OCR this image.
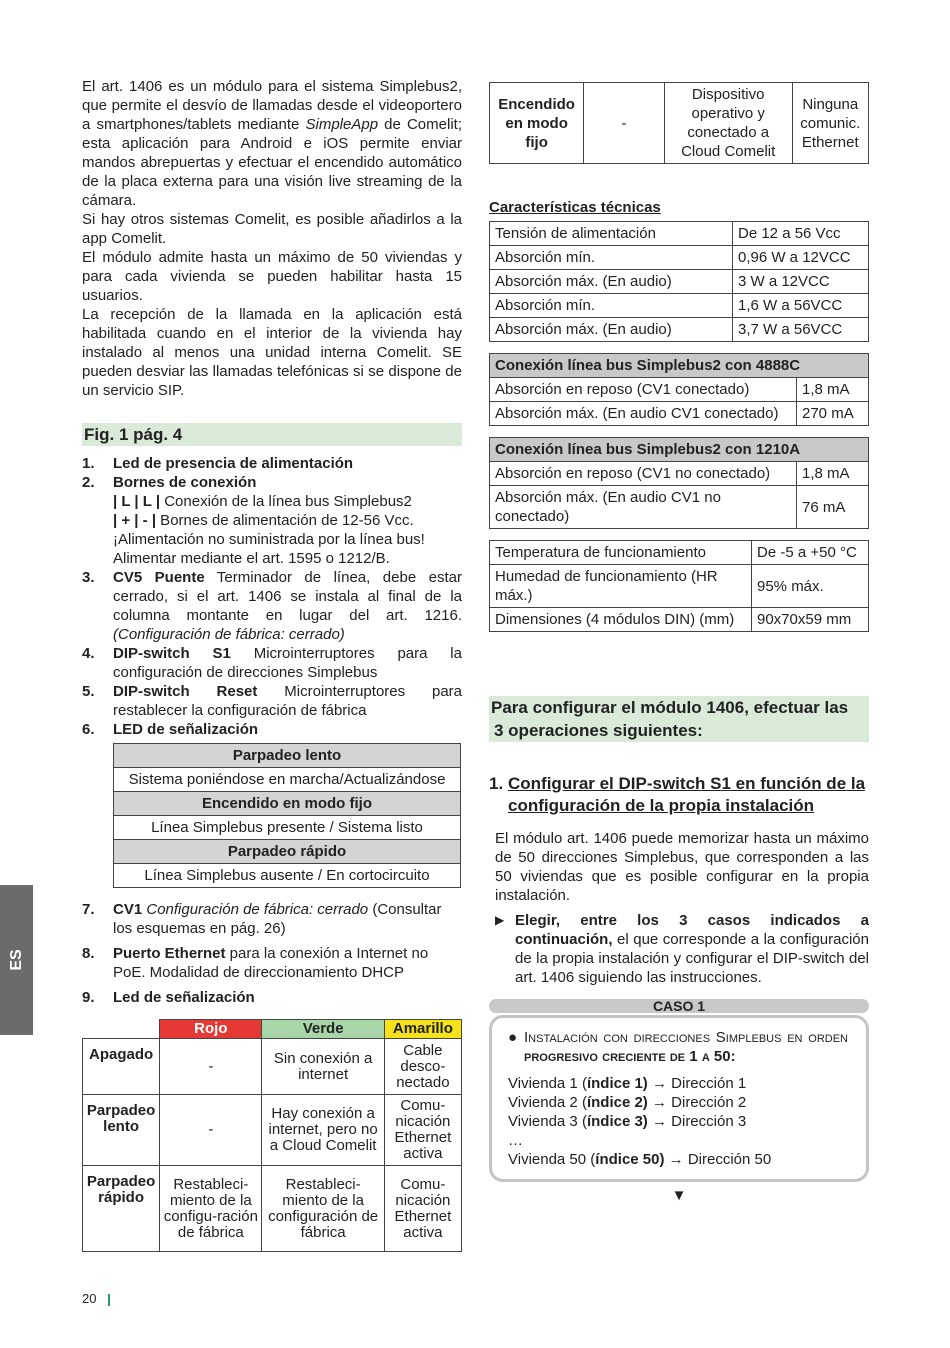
El art. 1406 es un módulo para el sistema Simplebus2, que permite el desvío de llamadas desde el videoportero a smartphones/tablets mediante SimpleApp de Comelit; esta aplicación para Android e iOS permite enviar mandos abrepuertas y efectuar el encendido automático de la placa externa para una visión live streaming de la cámara.

Si hay otros sistemas Comelit, es posible añadirlos a la app Comelit.

El módulo admite hasta un máximo de 50 viviendas y para cada vivienda se pueden habilitar hasta 15 usuarios.

La recepción de la llamada en la aplicación está habilitada cuando en el interior de la vivienda hay instalado al menos una unidad interna Comelit. SE pueden desviar las llamadas telefónicas si se dispone de un servicio SIP.

Fig. 1 pág. 4
1. Led de presencia de alimentación
2. Bornes de conexión
| L | L | Conexión de la línea bus Simplebus2
| + | - | Bornes de alimentación de 12-56 Vcc.
¡Alimentación no suministrada por la línea bus! Alimentar mediante el art. 1595 o 1212/B.
3. CV5 Puente Terminador de línea, debe estar cerrado, si el art. 1406 se instala al final de la columna montante en lugar del art. 1216. (Configuración de fábrica: cerrado)
4. DIP-switch S1 Microinterruptores para la configuración de direcciones Simplebus
5. DIP-switch Reset Microinterruptores para restablecer la configuración de fábrica
6. LED de señalización
Parpadeo lento
Sistema poniéndose en marcha/Actualizándose
Encendido en modo fijo
Línea Simplebus presente / Sistema listo
Parpadeo rápido
Línea Simplebus ausente / En cortocircuito
7. CV1 Configuración de fábrica: cerrado (Consultar los esquemas en pág. 26)
8. Puerto Ethernet para la conexión a Internet no PoE. Modalidad de direccionamiento DHCP
9. Led de señalización
	Rojo	Verde	Amarillo
Apagado	-	Sin conexión a internet	Cable desco-nectado
Parpadeo lento	-	Hay conexión a internet, pero no a Cloud Comelit	Comu-nicación Ethernet activa
Parpadeo rápido	Restableci-miento de la configu-ración de fábrica	Restableci-miento de la configuración de fábrica	Comu-nicación Ethernet activa
Encendido en modo fijo	-	Dispositivo operativo y conectado a Cloud Comelit	Ninguna comunic. Ethernet
Características técnicas
Tensión de alimentación	De 12 a 56 Vcc
Absorción mín.	0,96 W a 12VCC
Absorción máx. (En audio)	3 W a 12VCC
Absorción mín.	1,6 W a 56VCC
Absorción máx. (En audio)	3,7 W a 56VCC
Conexión línea bus Simplebus2 con 4888C	
Absorción en reposo (CV1 conectado)	1,8 mA
Absorción máx. (En audio CV1 conectado)	270 mA
Conexión línea bus Simplebus2 con 1210A	
Absorción en reposo (CV1 no conectado)	1,8 mA
Absorción máx. (En audio CV1 no conectado)	76 mA
Temperatura de funcionamiento	De -5 a +50 °C
Humedad de funcionamiento (HR máx.)	95% máx.
Dimensiones (4 módulos DIN) (mm)	90x70x59 mm
Para configurar el módulo 1406, efectuar las
3 operaciones siguientes:
1. Configurar el DIP-switch S1 en función de la configuración de la propia instalación

El módulo art. 1406 puede memorizar hasta un máximo de 50 direcciones Simplebus, que corresponden a las 50 viviendas que es posible configurar en la propia instalación.

▶ Elegir, entre los 3 casos indicados a continuación, el que corresponde a la configuración de la propia instalación y configurar el DIP-switch del art. 1406 siguiendo las instrucciones.
CASO 1
● Instalación con direcciones Simplebus en orden progresivo creciente de 1 a 50:
Vivienda 1 (índice 1) → Dirección 1
Vivienda 2 (índice 2) → Dirección 2
Vivienda 3 (índice 3) → Dirección 3
…
Vivienda 50 (índice 50) → Dirección 50
▼
ES
20
